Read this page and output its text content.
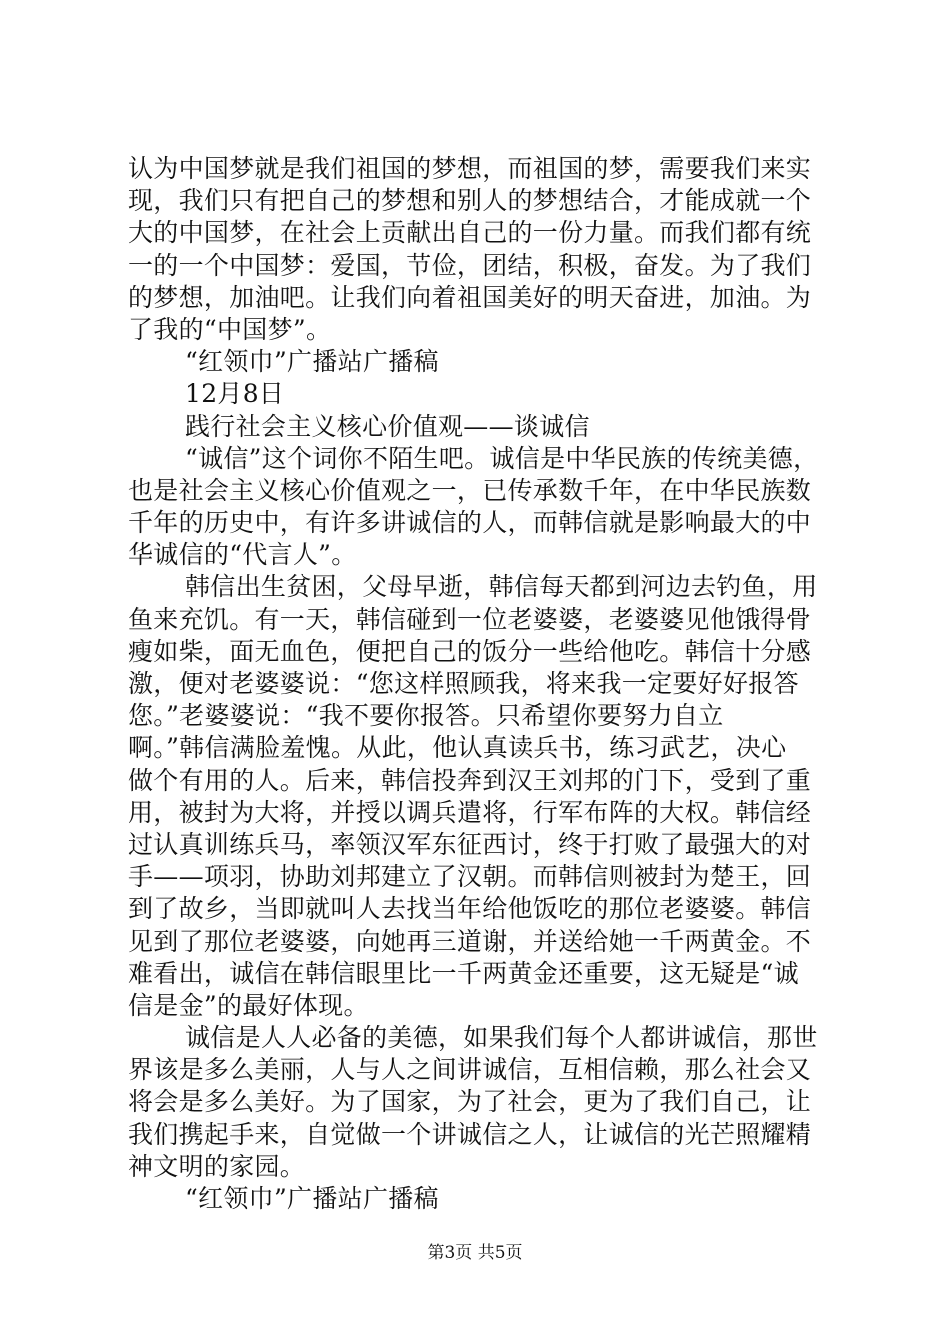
认为中国梦就是我们祖国的梦想，而祖国的梦，需要我们来实
现，我们只有把自己的梦想和别人的梦想结合，才能成就一个
大的中国梦，在社会上贡献出自己的一份力量。而我们都有统
一的一个中国梦：爱国，节俭，团结，积极，奋发。为了我们
的梦想，加油吧。让我们向着祖国美好的明天奋进，加油。为
了我的“中国梦”。
“红领巾”广播站广播稿
12月8日
践行社会主义核心价值观——谈诚信
“诚信”这个词你不陌生吧。诚信是中华民族的传统美德，
也是社会主义核心价值观之一，已传承数千年，在中华民族数
千年的历史中，有许多讲诚信的人，而韩信就是影响最大的中
华诚信的“代言人”。
韩信出生贫困，父母早逝，韩信每天都到河边去钓鱼，用
鱼来充饥。有一天，韩信碰到一位老婆婆，老婆婆见他饿得骨
瘦如柴，面无血色，便把自己的饭分一些给他吃。韩信十分感
激，便对老婆婆说：“您这样照顾我，将来我一定要好好报答
您。”老婆婆说：“我不要你报答。只希望你要努力自立
啊。”韩信满脸羞愧。从此，他认真读兵书，练习武艺，决心
做个有用的人。后来，韩信投奔到汉王刘邦的门下，受到了重
用，被封为大将，并授以调兵遣将，行军布阵的大权。韩信经
过认真训练兵马，率领汉军东征西讨，终于打败了最强大的对
手——项羽，协助刘邦建立了汉朝。而韩信则被封为楚王，回
到了故乡，当即就叫人去找当年给他饭吃的那位老婆婆。韩信
见到了那位老婆婆，向她再三道谢，并送给她一千两黄金。不
难看出，诚信在韩信眼里比一千两黄金还重要，这无疑是“诚
信是金”的最好体现。
诚信是人人必备的美德，如果我们每个人都讲诚信，那世
界该是多么美丽，人与人之间讲诚信，互相信赖，那么社会又
将会是多么美好。为了国家，为了社会，更为了我们自己，让
我们携起手来，自觉做一个讲诚信之人，让诚信的光芒照耀精
神文明的家园。
“红领巾”广播站广播稿
第3页 共5页
